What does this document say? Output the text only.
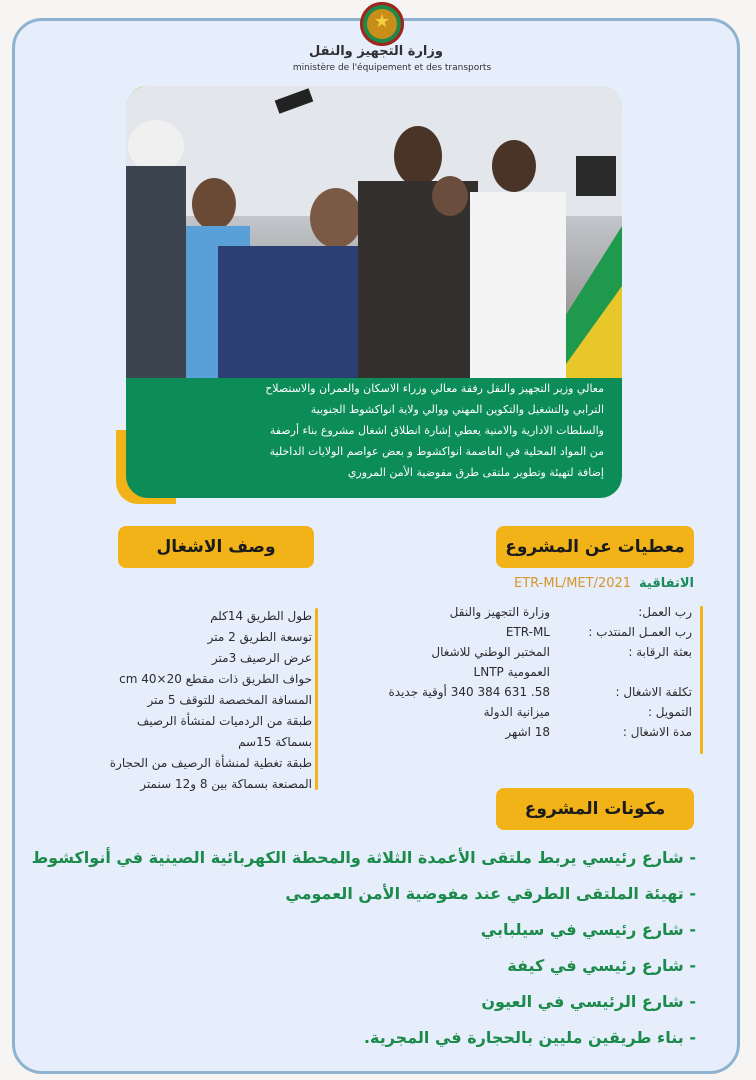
★
وزارة التجهيز والنقل
ministère de l'équipement et des transports
معالي وزير التجهيز والنقل رفقة معالي وزراء الاسكان والعمران والاستصلاح
الترابي والتشغيل والتكوين المهني ووالي ولاية انواكشوط الجنوبية
والسلطات الادارية والامنية يعطي إشارة انطلاق اشغال مشروع بناء أرصفة
من المواد المحلية في العاصمة انواكشوط و بعض عواصم الولايات الداخلية
إضافة لتهيئة وتطوير ملتقى طرق مفوضية الأمن المروري
معطيات عن المشروع
وصف الاشغال
الاتفاقيةETR-ML/MET/2021
رب العمل:
وزارة التجهيز والنقل
رب العمـل المنتدب :
ETR-ML
بعثة الرقابة :
المختبر الوطني للاشغال
العمومية LNTP
تكلفة الاشغال :
58. 631 384 340 أوقية جديدة
التمويل :
ميزانية الدولة
مدة الاشغال :
18 اشهر
طول الطريق 14كلم
توسعة الطريق 2 متر
عرض الرصيف 3متر
حواف الطريق ذات مقطع 20×40 cm
المسافة المخصصة للتوقف 5 متر
طبقة من الردميات لمنشأة الرصيف
بسماكة 15سم
طبقة تغطية لمنشأة الرصيف من الحجارة
المصنعة بسماكة بين 8 و12 سنمتر
مكونات المشروع
- شارع رئيسي يربط ملتقى الأعمدة الثلاثة والمحطة الكهربائية الصينية في أنواكشوط
- تهيئة الملتقى الطرقي عند مفوضية الأمن العمومي
- شارع رئيسي في سيلبابي
- شارع رئيسي في كيفة
- شارع الرئيسي في العيون
- بناء طريقين مليين بالحجارة في المجرية.
